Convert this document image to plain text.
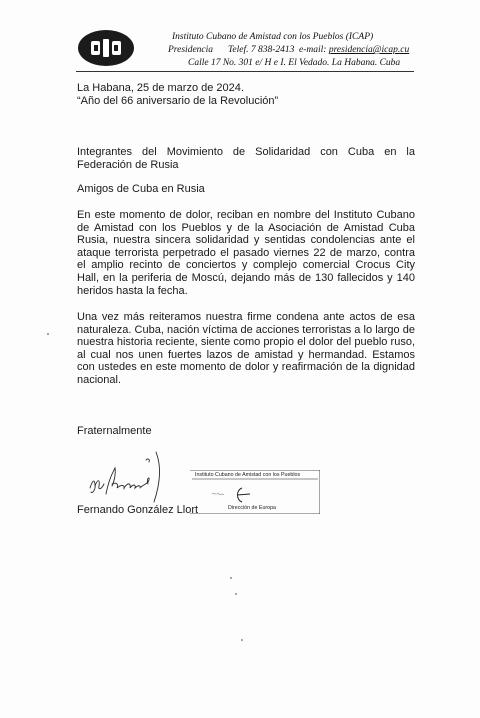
Instituto Cubano de Amistad con los Pueblos (ICAP)
Presidencia Telef. 7 838-2413 e-mail: presidencia@icap.cu
Calle 17 No. 301 e/ H e I. El Vedado. La Habana. Cuba
La Habana, 25 de marzo de 2024.
“Año del 66 aniversario de la Revolución”
Integrantes del Movimiento de Solidaridad con Cuba en la Federación de Rusia
Amigos de Cuba en Rusia
En este momento de dolor, reciban en nombre del Instituto Cubano de Amistad con los Pueblos y de la Asociación de Amistad Cuba Rusia, nuestra sincera solidaridad y sentidas condolencias ante el ataque terrorista perpetrado el pasado viernes 22 de marzo, contra el amplio recinto de conciertos y complejo comercial Crocus City Hall, en la periferia de Moscú, dejando más de 130 fallecidos y 140 heridos hasta la fecha.
Una vez más reiteramos nuestra firme condena ante actos de esa naturaleza. Cuba, nación víctima de acciones terroristas a lo largo de nuestra historia reciente, siente como propio el dolor del pueblo ruso, al cual nos unen fuertes lazos de amistad y hermandad. Estamos con ustedes en este momento de dolor y reafirmación de la dignidad nacional.
Fraternalmente
Fernando González Llort
Instituto Cubano de Amistad con los Pueblos
Dirección de Europa
